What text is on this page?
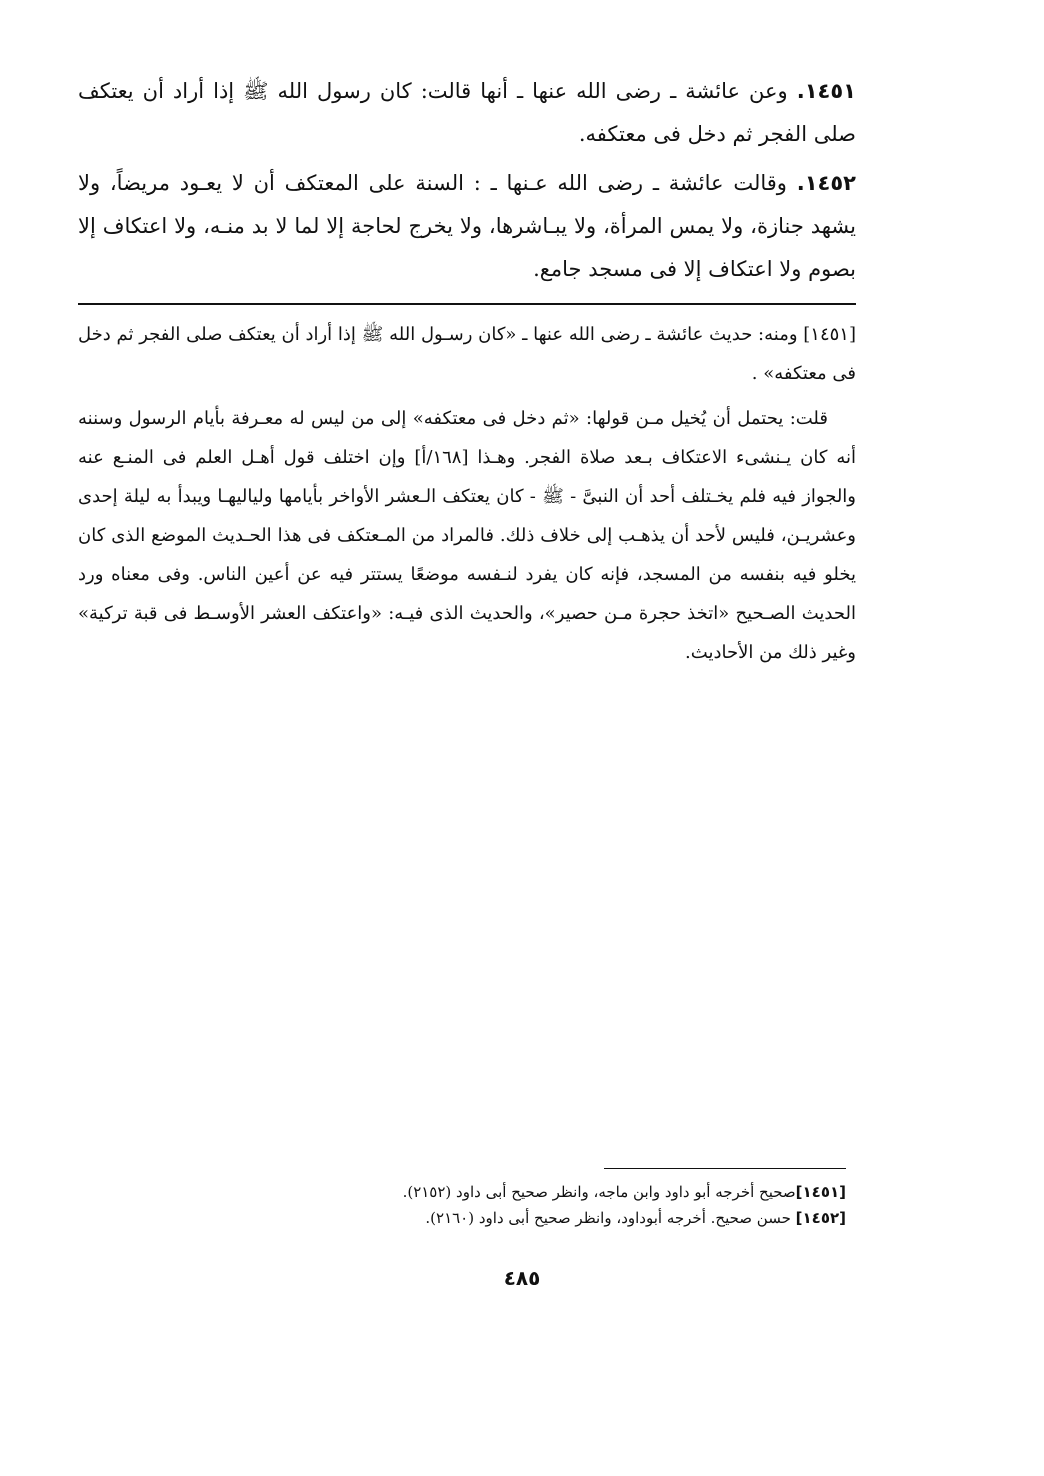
١٤٥١. وعن عائشة ـ رضى الله عنها ـ أنها قالت: كان رسول الله ﷺ إذا أراد أن يعتكف صلى الفجر ثم دخل فى معتكفه.

١٤٥٢. وقالت عائشة ـ رضى الله عـنها ـ : السنة على المعتكف أن لا يعـود مريضاً، ولا يشهد جنازة، ولا يمس المرأة، ولا يبـاشرها، ولا يخرج لحاجة إلا لما لا بد منـه، ولا اعتكاف إلا بصوم ولا اعتكاف إلا فى مسجد جامع.

[١٤٥١] ومنه: حديث عائشة ـ رضى الله عنها ـ «كان رسـول الله ﷺ إذا أراد أن يعتكف صلى الفجر ثم دخل فى معتكفه» .

قلت: يحتمل أن يُخيل مـن قولها: «ثم دخل فى معتكفه» إلى من ليس له معـرفة بأيام الرسول وسننه أنه كان يـنشىء الاعتكاف بـعد صلاة الفجر. وهـذا [١٦٨/أ] وإن اختلف قول أهـل العلم فى المنـع عنه والجواز فيه فلم يخـتلف أحد أن النبىَّ - ﷺ - كان يعتكف الـعشر الأواخر بأيامها ولياليهـا ويبدأ به ليلة إحدى وعشريـن، فليس لأحد أن يذهـب إلى خلاف ذلك. فالمراد من المـعتكف فى هذا الحـديث الموضع الذى كان يخلو فيه بنفسه من المسجد، فإنه كان يفرد لنـفسه موضعًا يستتر فيه عن أعين الناس. وفى معناه ورد الحديث الصـحيح «اتخذ حجرة مـن حصير»، والحديث الذى فيـه: «واعتكف العشر الأوسـط فى قبة تركية» وغير ذلك من الأحاديث.

[١٤٥١]صحيح أخرجه أبو داود وابن ماجه، وانظر صحيح أبى داود (٢١٥٢).

[١٤٥٢] حسن صحيح. أخرجه أبوداود، وانظر صحيح أبى داود (٢١٦٠).

٤٨٥
